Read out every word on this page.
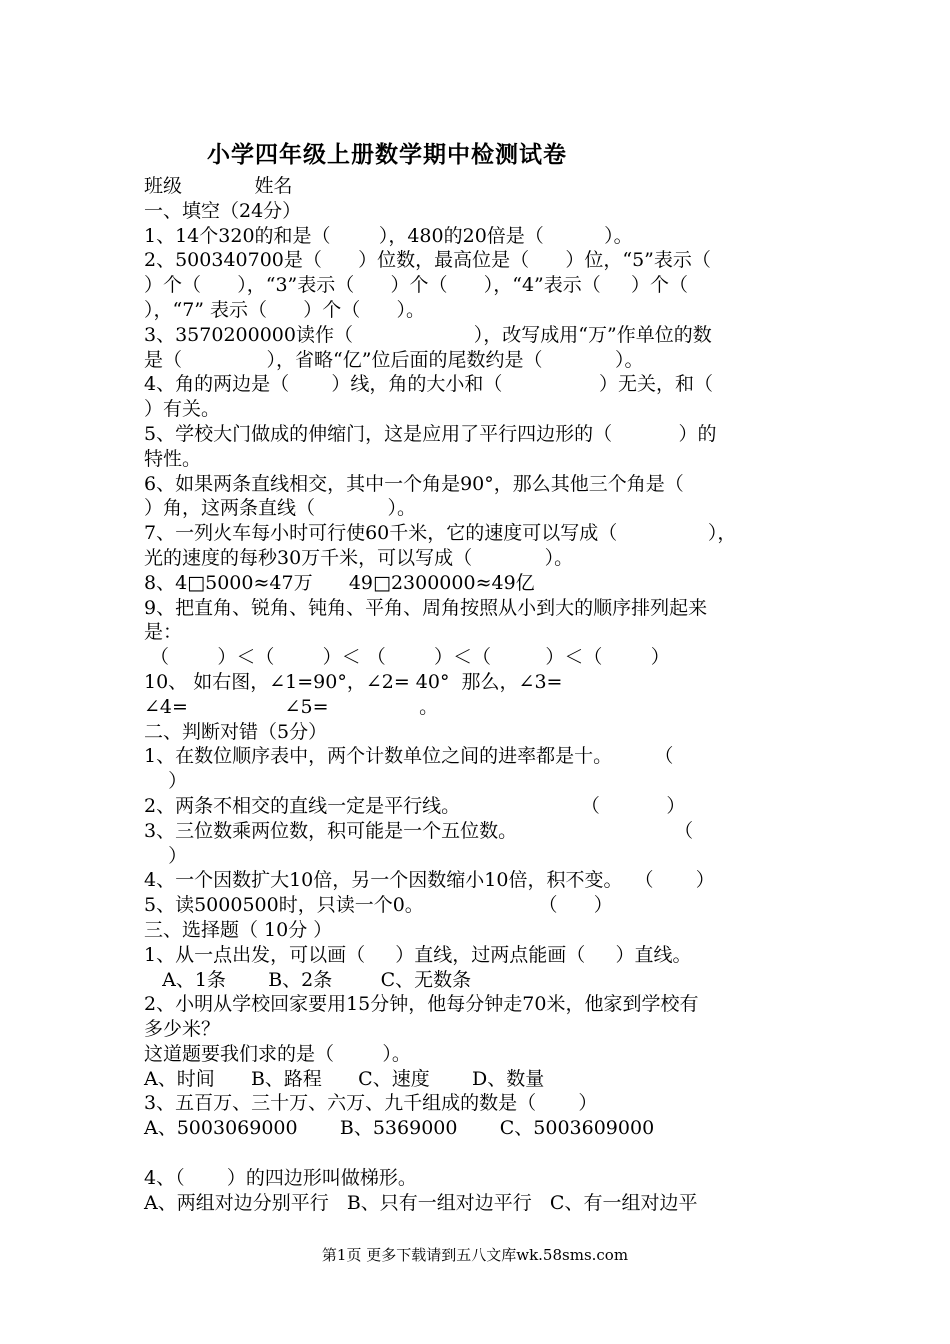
小学四年级上册数学期中检测试卷
班级            姓名
一、填空（24分）
1、14个320的和是（        ），480的20倍是（          ）。
2、500340700是（      ）位数，最高位是（      ）位，“5”表示（
）个（      ），“3”表示（      ）个（      ），“4”表示（     ）个（
），“7” 表示（      ）个（      ）。
3、3570200000读作（                    ），改写成用“万”作单位的数
是（              ），省略“亿”位后面的尾数约是（            ）。
4、角的两边是（       ）线，角的大小和（                ）无关，和（
）有关。
5、学校大门做成的伸缩门，这是应用了平行四边形的（           ）的
特性。
6、如果两条直线相交，其中一个角是90°，那么其他三个角是（
）角，这两条直线（            ）。
7、一列火车每小时可行使60千米，它的速度可以写成（               ），
光的速度的每秒30万千米，可以写成（            ）。
8、4□5000≈47万      49□2300000≈49亿
9、把直角、锐角、钝角、平角、周角按照从小到大的顺序排列起来
是：
（        ）＜（        ）＜ （        ）＜（         ）＜（        ）
10、 如右图，∠1=90°，∠2= 40°  那么，∠3=
∠4=                ∠5=               。
二、判断对错（5分）
1、在数位顺序表中，两个计数单位之间的进率都是十。       （
）
2、两条不相交的直线一定是平行线。                    （           ）
3、三位数乘两位数，积可能是一个五位数。                          （
）
4、一个因数扩大10倍，另一个因数缩小10倍，积不变。  （       ）
5、读5000500时，只读一个0。                   （      ）
三、选择题（ 10分 ）
1、从一点出发，可以画（     ）直线，过两点能画（     ）直线。
A、1条       B、2条        C、无数条
2、小明从学校回家要用15分钟，他每分钟走70米，他家到学校有
多少米？
这道题要我们求的是（        ）。
A、时间      B、路程      C、速度       D、数量
3、五百万、三十万、六万、九千组成的数是（       ）
A、5003069000       B、5369000       C、5003609000
4、（       ）的四边形叫做梯形。
A、两组对边分别平行   B、只有一组对边平行   C、有一组对边平
第1页 更多下载请到五八文库wk.58sms.com
